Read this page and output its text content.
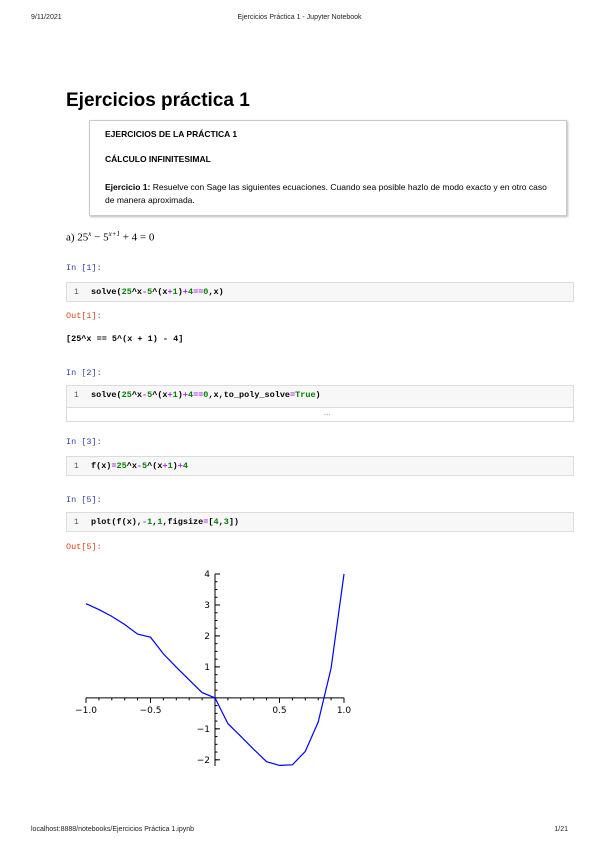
9/11/2021	Ejercicios Práctica 1 - Jupyter Notebook
Ejercicios práctica 1
EJERCICIOS DE LA PRÁCTICA 1
CÁLCULO INFINITESIMAL
Ejercicio 1: Resuelve con Sage las siguientes ecuaciones. Cuando sea posible hazlo de modo exacto y en otro caso de manera aproximada.
a) $25^x - 5^{x+1} + 4 = 0$
In [1]:
1 solve(25^x-5^(x+1)+4==0,x)
Out[1]:
[25^x == 5^(x + 1) - 4]
In [2]:
1 solve(25^x-5^(x+1)+4==0,x,to_poly_solve=True)
...
In [3]:
1 f(x)=25^x-5^(x+1)+4
In [5]:
1 plot(f(x),-1,1,figsize=[4,3])
Out[5]:
−1.0	−0.5	0.5	1.0
4
3
2
1
−1
−2
localhost:8888/notebooks/Ejercicios Práctica 1.ipynb	1/21
